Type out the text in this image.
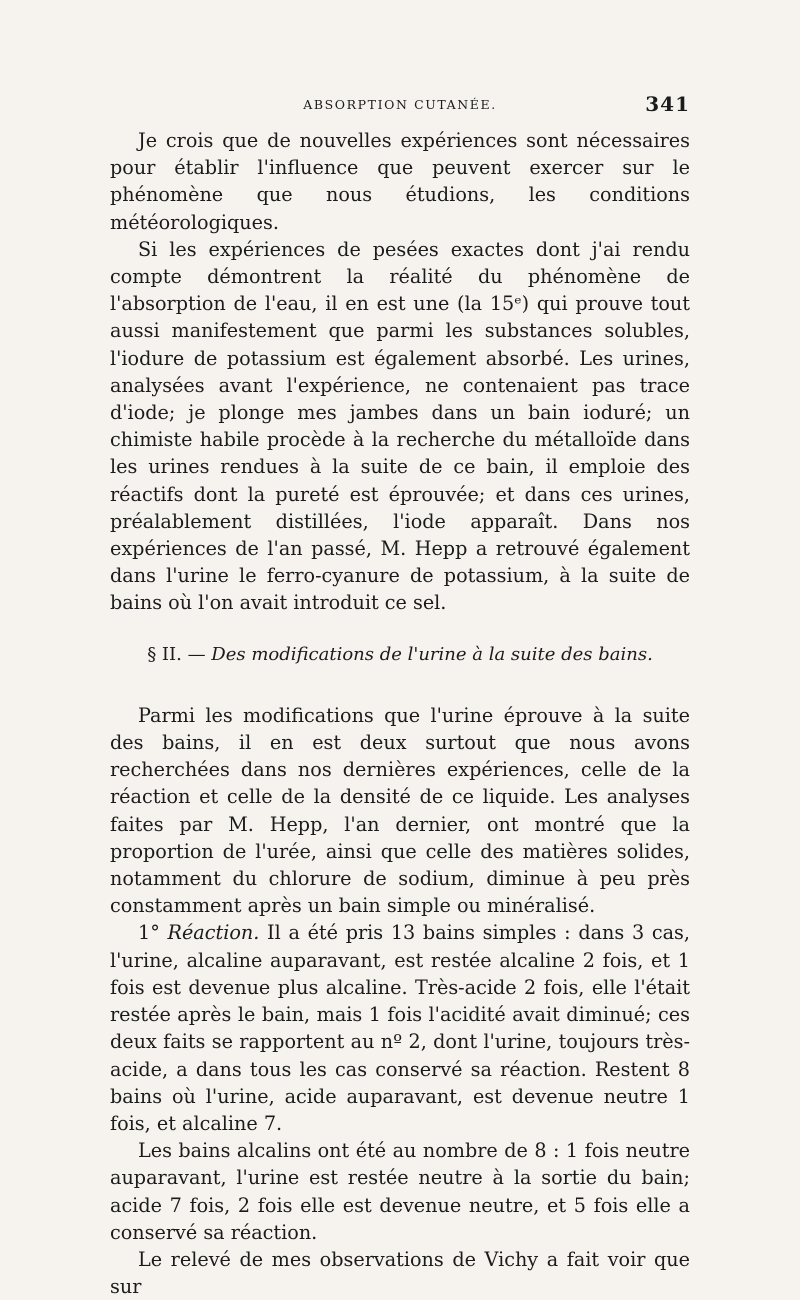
ABSORPTION CUTANÉE.	341

Je crois que de nouvelles expériences sont nécessaires pour établir l'influence que peuvent exercer sur le phénomène que nous étudions, les conditions météorologiques.

Si les expériences de pesées exactes dont j'ai rendu compte démontrent la réalité du phénomène de l'absorption de l'eau, il en est une (la 15ᵉ) qui prouve tout aussi manifestement que parmi les substances solubles, l'iodure de potassium est également absorbé. Les urines, analysées avant l'expérience, ne contenaient pas trace d'iode; je plonge mes jambes dans un bain ioduré; un chimiste habile procède à la recherche du métalloïde dans les urines rendues à la suite de ce bain, il emploie des réactifs dont la pureté est éprouvée; et dans ces urines, préalablement distillées, l'iode apparaît. Dans nos expériences de l'an passé, M. Hepp a retrouvé également dans l'urine le ferro-cyanure de potassium, à la suite de bains où l'on avait introduit ce sel.

§ II. — Des modifications de l'urine à la suite des bains.

Parmi les modifications que l'urine éprouve à la suite des bains, il en est deux surtout que nous avons recherchées dans nos dernières expériences, celle de la réaction et celle de la densité de ce liquide. Les analyses faites par M. Hepp, l'an dernier, ont montré que la proportion de l'urée, ainsi que celle des matières solides, notamment du chlorure de sodium, diminue à peu près constamment après un bain simple ou minéralisé.

1° Réaction. Il a été pris 13 bains simples : dans 3 cas, l'urine, alcaline auparavant, est restée alcaline 2 fois, et 1 fois est devenue plus alcaline. Très-acide 2 fois, elle l'était restée après le bain, mais 1 fois l'acidité avait diminué; ces deux faits se rapportent au nº 2, dont l'urine, toujours très-acide, a dans tous les cas conservé sa réaction. Restent 8 bains où l'urine, acide auparavant, est devenue neutre 1 fois, et alcaline 7.

Les bains alcalins ont été au nombre de 8 : 1 fois neutre auparavant, l'urine est restée neutre à la sortie du bain; acide 7 fois, 2 fois elle est devenue neutre, et 5 fois elle a conservé sa réaction.

Le relevé de mes observations de Vichy a fait voir que sur
